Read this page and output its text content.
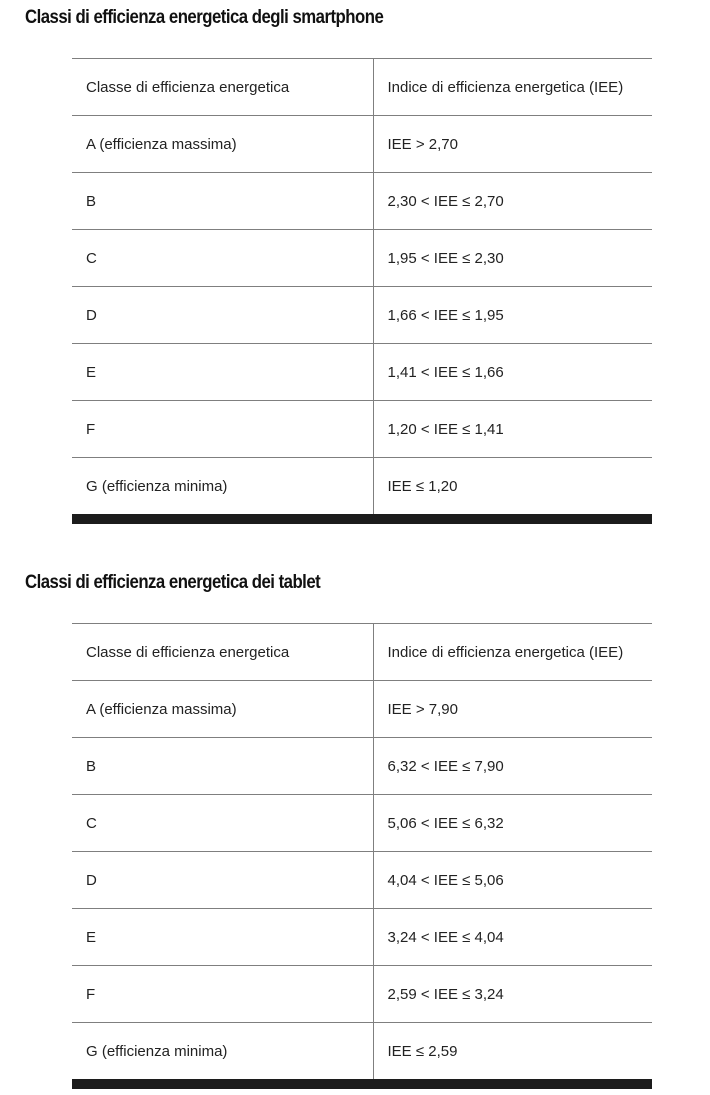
Classi di efficienza energetica degli smartphone
Classe di efficienza energetica	Indice di efficienza energetica (IEE)
A (efficienza massima)	IEE > 2,70
B	2,30 < IEE ≤ 2,70
C	1,95 < IEE ≤ 2,30
D	1,66 < IEE ≤ 1,95
E	1,41 < IEE ≤ 1,66
F	1,20 < IEE ≤ 1,41
G (efficienza minima)	IEE ≤ 1,20
Classi di efficienza energetica dei tablet
Classe di efficienza energetica	Indice di efficienza energetica (IEE)
A (efficienza massima)	IEE > 7,90
B	6,32 < IEE ≤ 7,90
C	5,06 < IEE ≤ 6,32
D	4,04 < IEE ≤ 5,06
E	3,24 < IEE ≤ 4,04
F	2,59 < IEE ≤ 3,24
G (efficienza minima)	IEE ≤ 2,59
